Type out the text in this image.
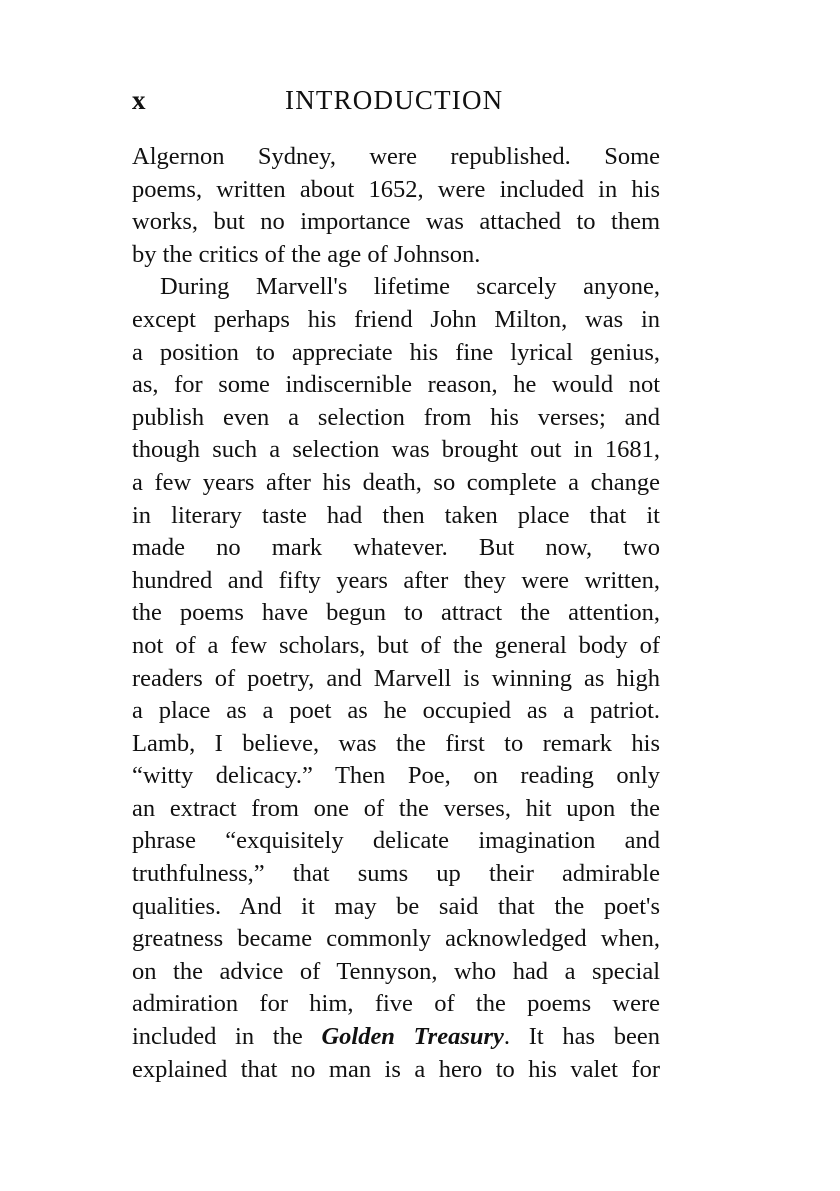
x	INTRODUCTION
Algernon Sydney, were republished. Some
poems, written about 1652, were included in his
works, but no importance was attached to them
by the critics of the age of Johnson.
During Marvell's lifetime scarcely anyone,
except perhaps his friend John Milton, was in
a position to appreciate his fine lyrical genius,
as, for some indiscernible reason, he would not
publish even a selection from his verses; and
though such a selection was brought out in 1681,
a few years after his death, so complete a change
in literary taste had then taken place that it
made no mark whatever. But now, two
hundred and fifty years after they were written,
the poems have begun to attract the attention,
not of a few scholars, but of the general body of
readers of poetry, and Marvell is winning as high
a place as a poet as he occupied as a patriot.
Lamb, I believe, was the first to remark his
“witty delicacy.” Then Poe, on reading only
an extract from one of the verses, hit upon the
phrase “exquisitely delicate imagination and
truthfulness,” that sums up their admirable
qualities. And it may be said that the poet's
greatness became commonly acknowledged when,
on the advice of Tennyson, who had a special
admiration for him, five of the poems were
included in the Golden Treasury. It has been
explained that no man is a hero to his valet for
